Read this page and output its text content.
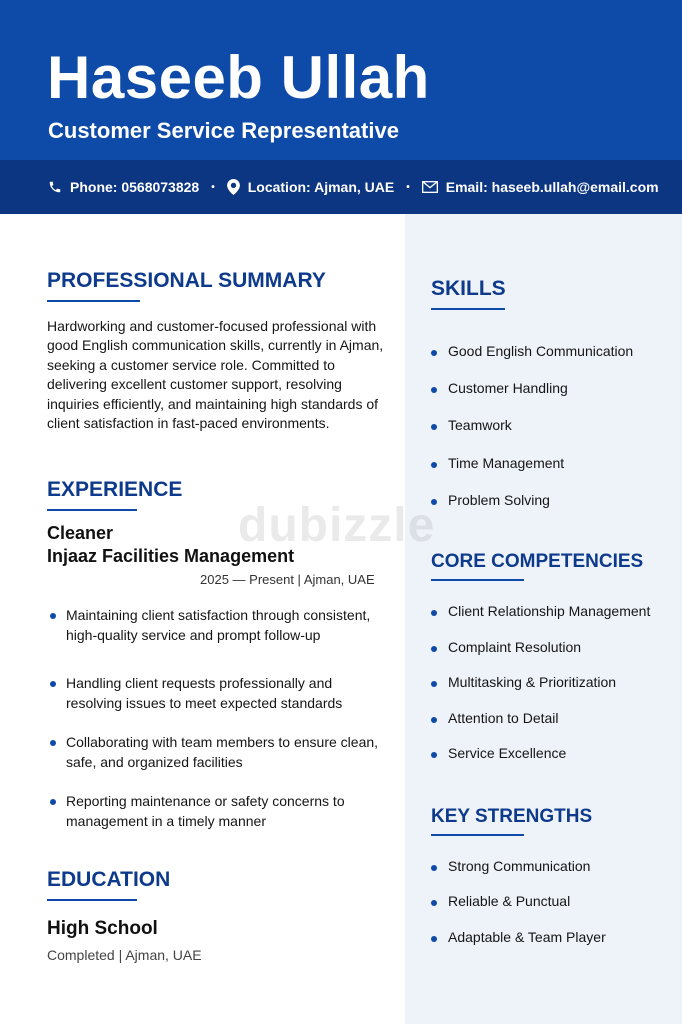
Haseeb Ullah
Customer Service Representative
Phone: 0568073828 • Location: Ajman, UAE •	Email: haseeb.ullah@email.com
PROFESSIONAL SUMMARY
Hardworking and customer-focused professional with good English communication skills, currently in Ajman, seeking a customer service role. Committed to delivering excellent customer support, resolving inquiries efficiently, and maintaining high standards of client satisfaction in fast-paced environments.
EXPERIENCE
Cleaner
Injaaz Facilities Management
2025 — Present | Ajman, UAE
Maintaining client satisfaction through consistent, high-quality service and prompt follow-up
Handling client requests professionally and resolving issues to meet expected standards
Collaborating with team members to ensure clean, safe, and organized facilities
Reporting maintenance or safety concerns to management in a timely manner
EDUCATION
High School
Completed | Ajman, UAE
SKILLS
Good English Communication
Customer Handling
Teamwork
Time Management
Problem Solving
CORE COMPETENCIES
Client Relationship Management
Complaint Resolution
Multitasking & Prioritization
Attention to Detail
Service Excellence
KEY STRENGTHS
Strong Communication
Reliable & Punctual
Adaptable & Team Player
dubizzle
